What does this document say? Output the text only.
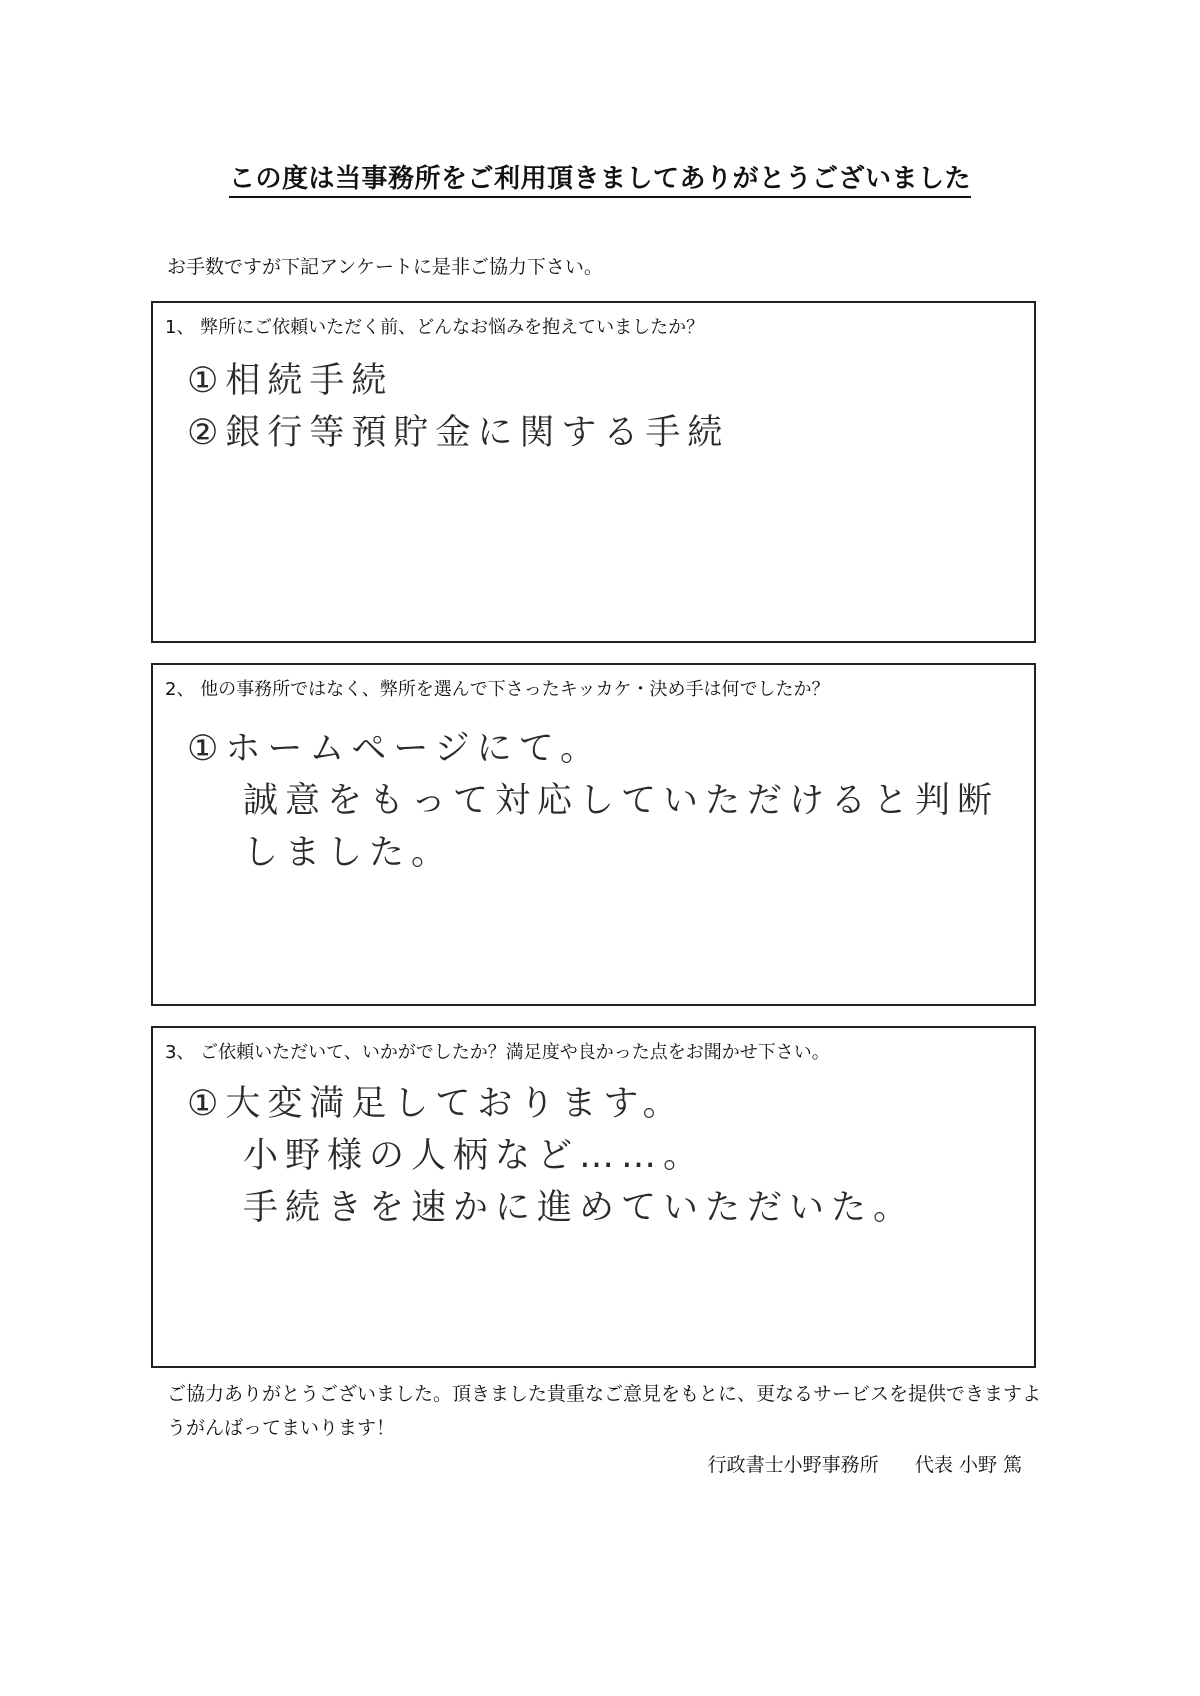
この度は当事務所をご利用頂きましてありがとうございました
お手数ですが下記アンケートに是非ご協力下さい。
1、 弊所にご依頼いただく前、どんなお悩みを抱えていましたか？
①相続手続
②銀行等預貯金に関する手続
2、 他の事務所ではなく、弊所を選んで下さったキッカケ・決め手は何でしたか？
①ホームページにて。
誠意をもって対応していただけると判断
しました。
3、 ご依頼いただいて、いかがでしたか？満足度や良かった点をお聞かせ下さい。
①大変満足しております。
小野様の人柄など……。
手続きを速かに進めていただいた。
ご協力ありがとうございました。頂きました貴重なご意見をもとに、更なるサービスを提供できますようがんばってまいります！
行政書士小野事務所 代表 小野 篤
